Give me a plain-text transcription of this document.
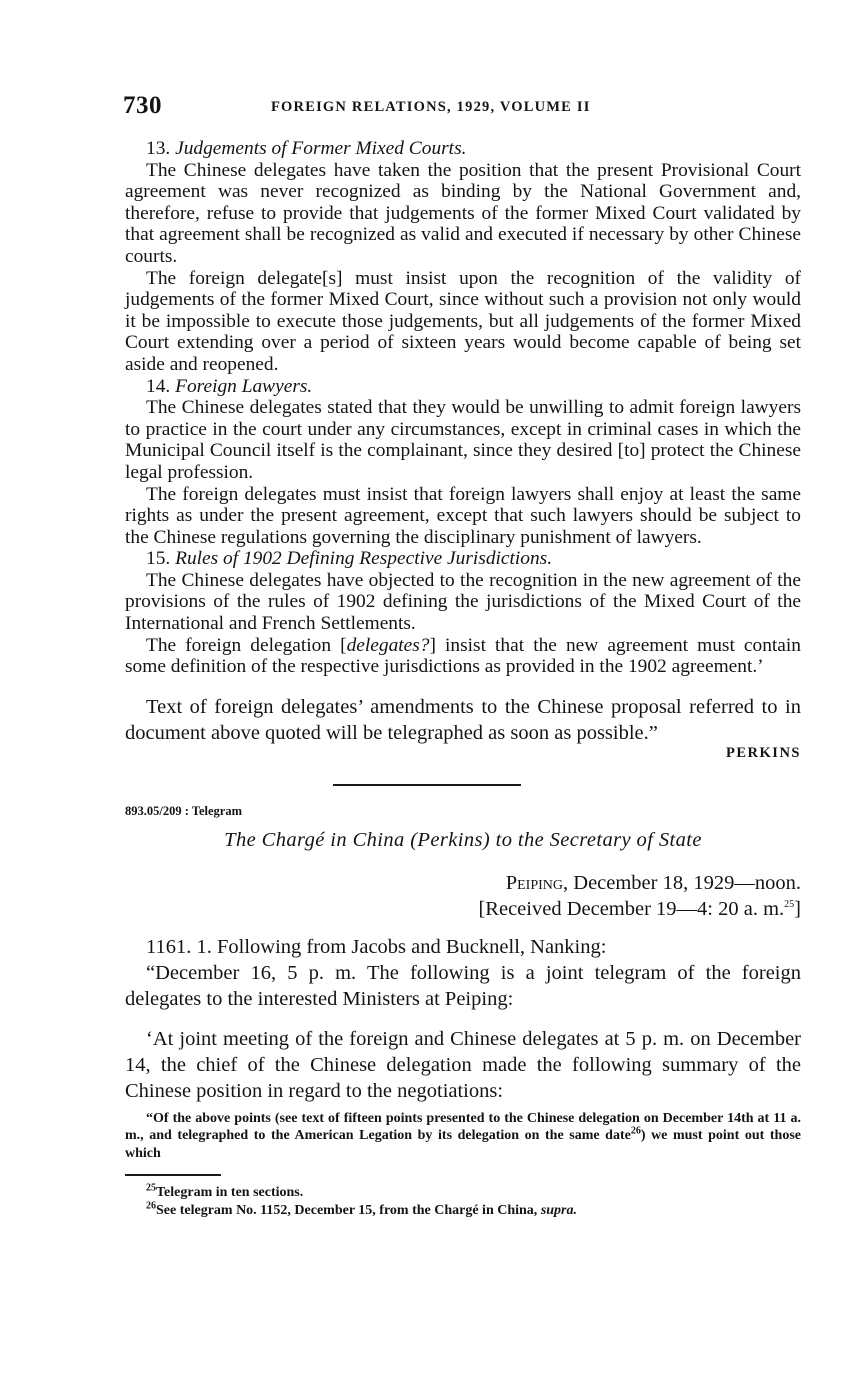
730	FOREIGN RELATIONS, 1929, VOLUME II

13. Judgements of Former Mixed Courts.

The Chinese delegates have taken the position that the present Provisional Court agreement was never recognized as binding by the National Government and, therefore, refuse to provide that judgements of the former Mixed Court validated by that agreement shall be recognized as valid and executed if necessary by other Chinese courts.

The foreign delegate[s] must insist upon the recognition of the validity of judgements of the former Mixed Court, since without such a provision not only would it be impossible to execute those judgements, but all judgements of the former Mixed Court extending over a period of sixteen years would become capable of being set aside and reopened.

14. Foreign Lawyers.

The Chinese delegates stated that they would be unwilling to admit foreign lawyers to practice in the court under any circumstances, except in criminal cases in which the Municipal Council itself is the complainant, since they desired [to] protect the Chinese legal profession.

The foreign delegates must insist that foreign lawyers shall enjoy at least the same rights as under the present agreement, except that such lawyers should be subject to the Chinese regulations governing the disciplinary punishment of lawyers.

15. Rules of 1902 Defining Respective Jurisdictions.

The Chinese delegates have objected to the recognition in the new agreement of the provisions of the rules of 1902 defining the jurisdictions of the Mixed Court of the International and French Settlements.

The foreign delegation [delegates?] insist that the new agreement must contain some definition of the respective jurisdictions as provided in the 1902 agreement.’

Text of foreign delegates’ amendments to the Chinese proposal referred to in document above quoted will be telegraphed as soon as possible.”

PERKINS
893.05/209 : Telegram
The Chargé in China (Perkins) to the Secretary of State
Peiping, December 18, 1929—noon.
[Received December 19—4: 20 a. m.$^{25}$]

1161. 1. Following from Jacobs and Bucknell, Nanking:

“December 16, 5 p. m. The following is a joint telegram of the foreign delegates to the interested Ministers at Peiping:

‘At joint meeting of the foreign and Chinese delegates at 5 p. m. on December 14, the chief of the Chinese delegation made the following summary of the Chinese position in regard to the negotiations:

“Of the above points (see text of fifteen points presented to the Chinese delegation on December 14th at 11 a. m., and telegraphed to the American Legation by its delegation on the same date$^{26}$) we must point out those which

$^{25}$Telegram in ten sections.
$^{26}$See telegram No. 1152, December 15, from the Chargé in China, supra.
